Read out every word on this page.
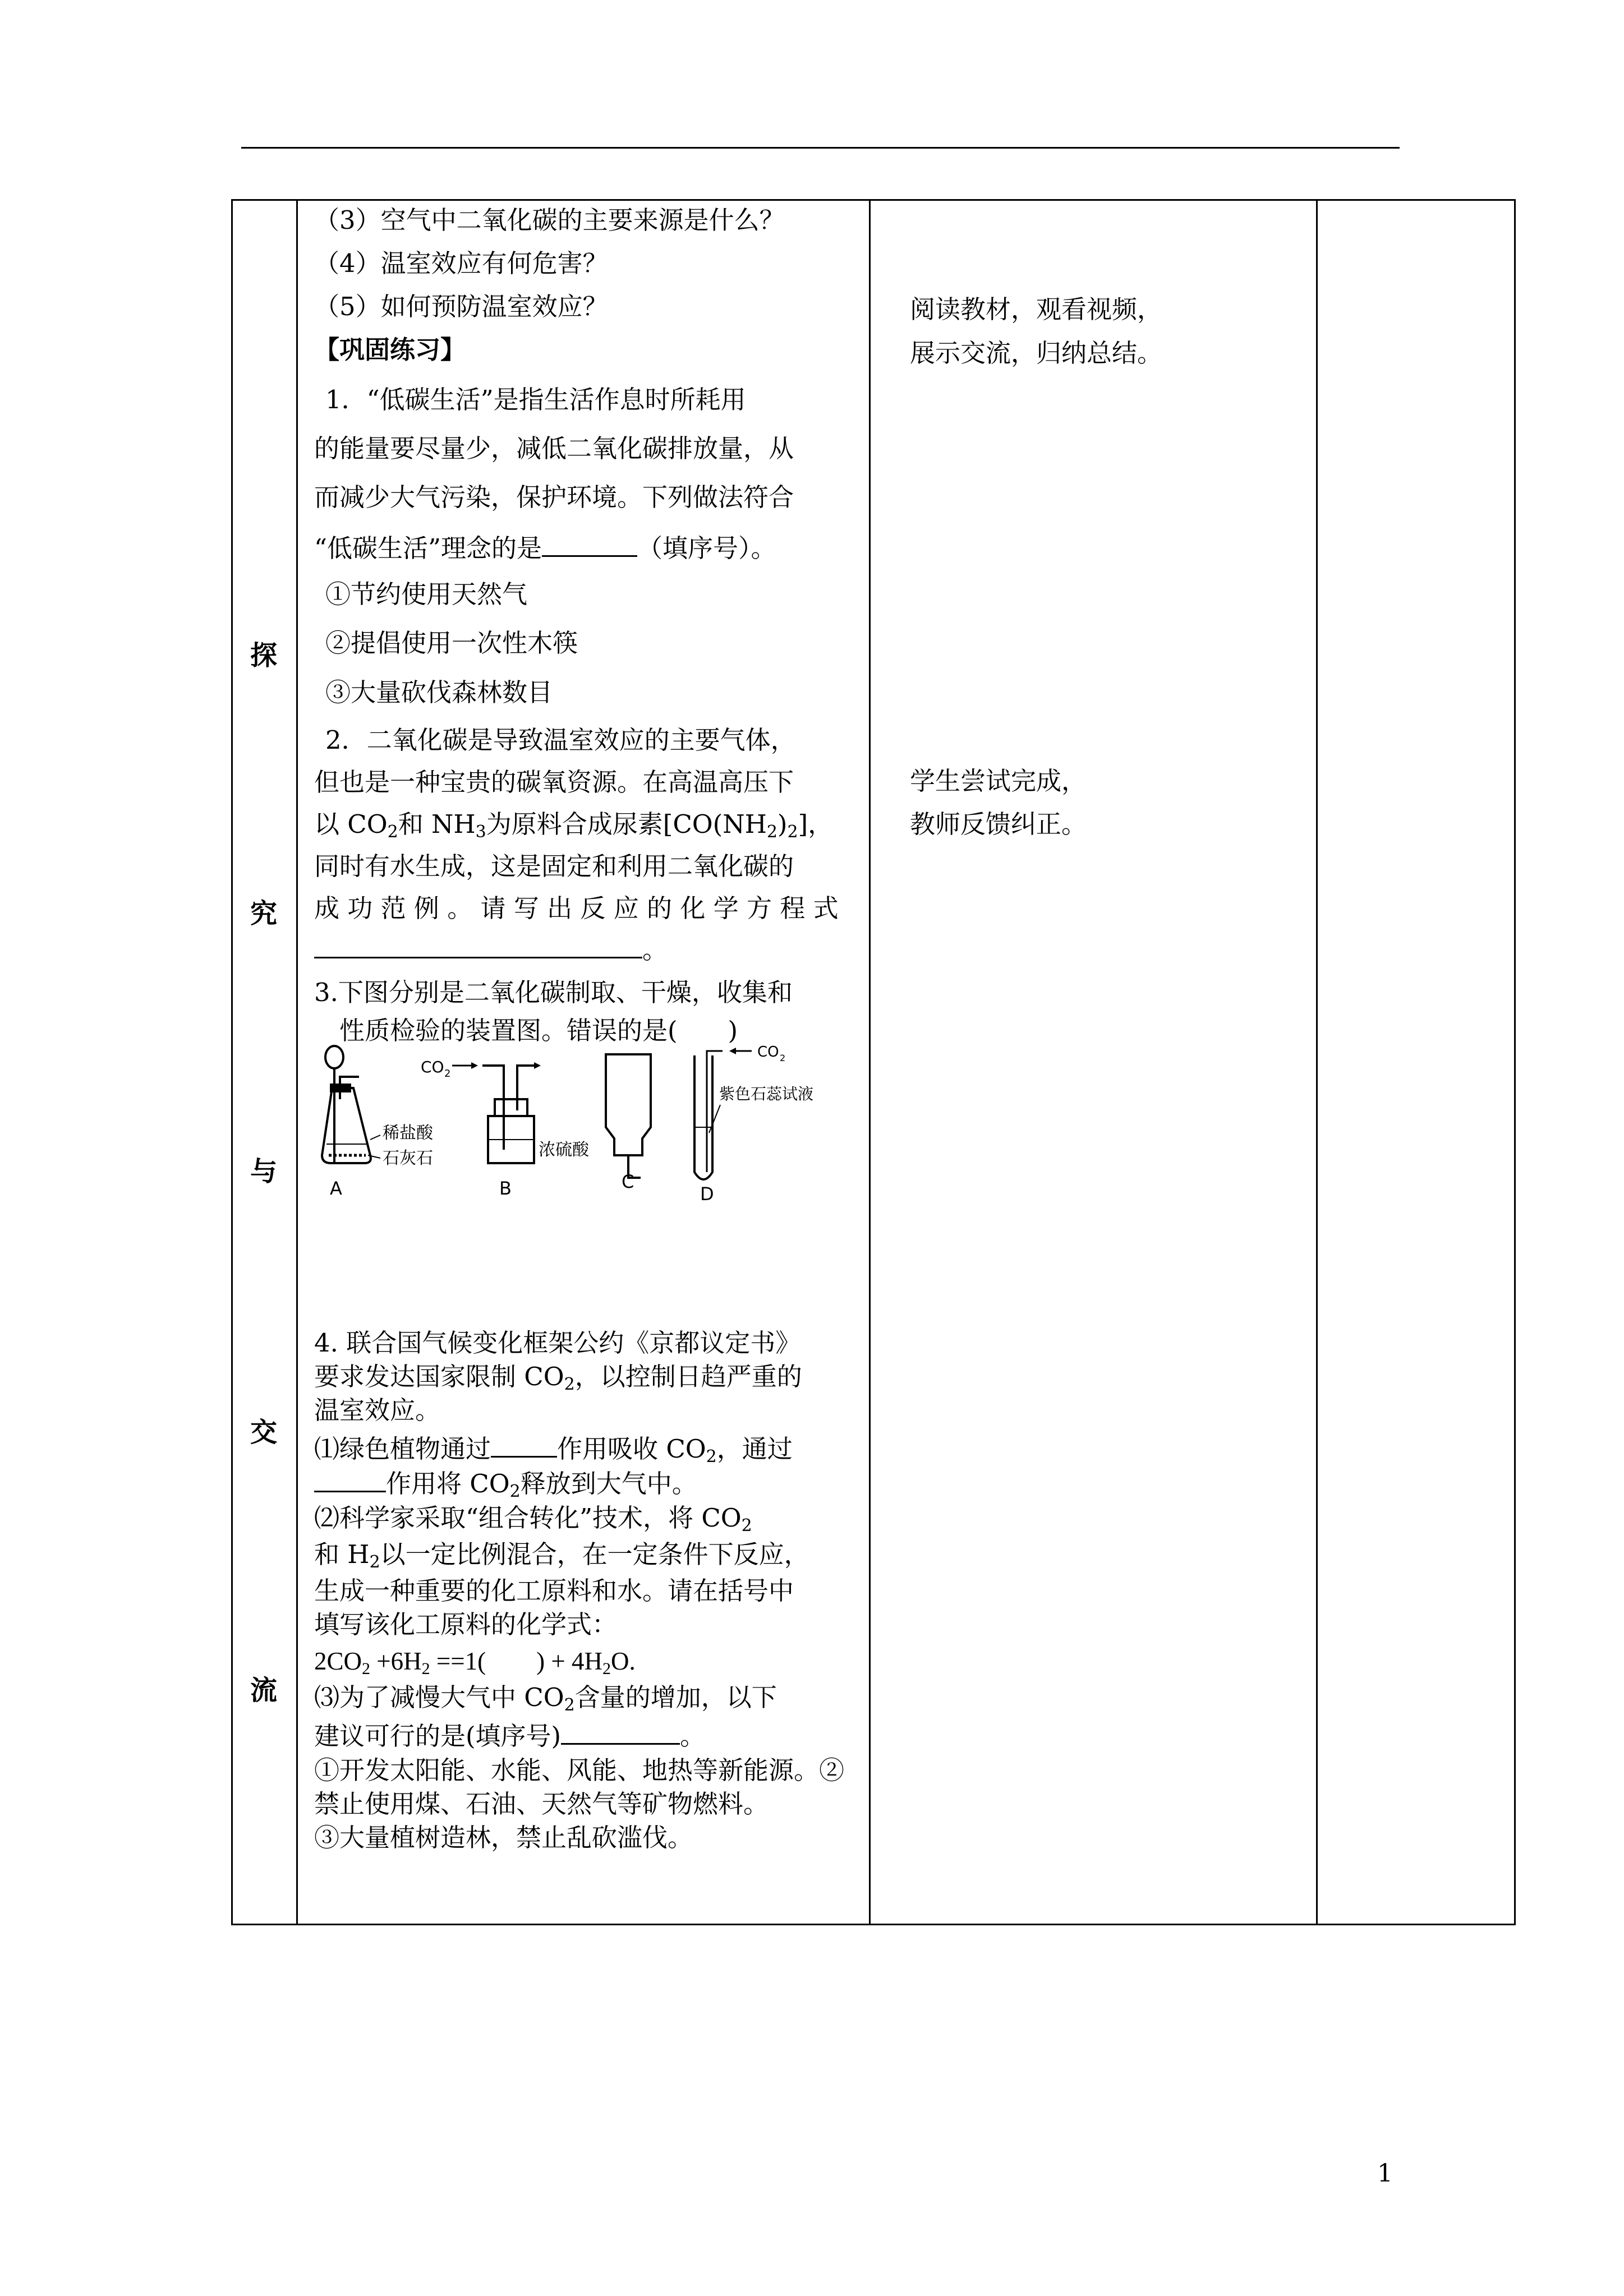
探
究
与
交
流
（3）空气中二氧化碳的主要来源是什么？
（4）温室效应有何危害？
（5）如何预防温室效应？
【巩固练习】
1．“低碳生活”是指生活作息时所耗用
的能量要尽量少，减低二氧化碳排放量，从
而减少大气污染，保护环境。下列做法符合
“低碳生活”理念的是	（填序号）。
①节约使用天然气
②提倡使用一次性木筷
③大量砍伐森林数目
2．二氧化碳是导致温室效应的主要气体，
但也是一种宝贵的碳氧资源。在高温高压下
以 $CO_2$和 $NH_3$为原料合成尿素$[CO(NH_2)_2]$，
同时有水生成，这是固定和利用二氧化碳的
成 功 范 例 。 请 写 出 反 应 的 化 学 方 程 式
。
3.下图分别是二氧化碳制取、干燥，收集和
性质检验的装置图。错误的是(　　)
稀盐酸
石灰石
A
CO 2
浓硫酸
B	C
CO 2
紫色石蕊试液
D
4. 联合国气候变化框架公约《京都议定书》
要求发达国家限制 $CO_2$，以控制日趋严重的
温室效应。
⑴绿色植物通过	作用吸收 $CO_2$，通过
作用将 $CO_2$释放到大气中。
⑵科学家采取“组合转化”技术，将 $CO_2$
和 $H_2$以一定比例混合，在一定条件下反应，
生成一种重要的化工原料和水。请在括号中
填写该化工原料的化学式：
$2CO_2 +6H_2 ==1$(　　) + $4H_2O$.
⑶为了减慢大气中 $CO_2$含量的增加，以下
建议可行的是(填序号)	。
①开发太阳能、水能、风能、地热等新能源。②
禁止使用煤、石油、天然气等矿物燃料。
③大量植树造林，禁止乱砍滥伐。
阅读教材，观看视频，
展示交流，归纳总结。
学生尝试完成，
教师反馈纠正。
1
